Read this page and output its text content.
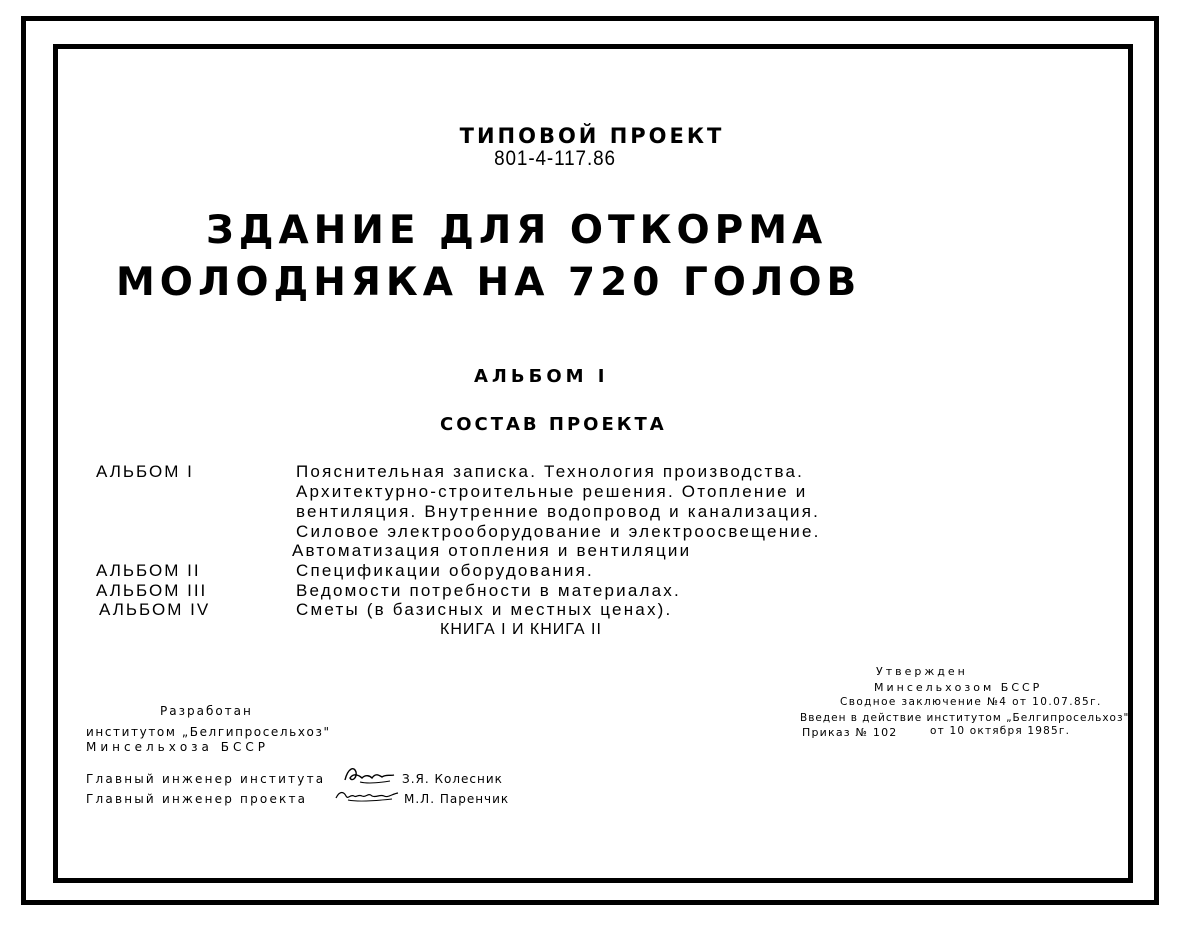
ТИПОВОЙ ПРОЕКТ

801-4-117.86

ЗДАНИЕ ДЛЯ ОТКОРМА

МОЛОДНЯКА НА 720 ГОЛОВ

АЛЬБОМ I

СОСТАВ ПРОЕКТА

АЛЬБОМ I	Пояснительная записка. Технология производства.

Архитектурно-строительные решения. Отопление и

вентиляция. Внутренние водопровод и канализация.

Силовое электрооборудование и электроосвещение.

Автоматизация отопления и вентиляции

АЛЬБОМ II	Спецификации оборудования.

АЛЬБОМ III	Ведомости потребности в материалах.

АЛЬБОМ IV	Сметы (в базисных и местных ценах).

КНИГА I И КНИГА II

Утвержден

Минсельхозом БССР

Сводное заключение №4 от 10.07.85г.

Введен в действие институтом „Белгипросельхоз"

Приказ № 102	от 10 октября 1985г.

Разработан

институтом „Белгипросельхоз"

Минсельхоза БССР

Главный инженер института	З.Я. Колесник

Главный инженер проекта	М.Л. Паренчик
